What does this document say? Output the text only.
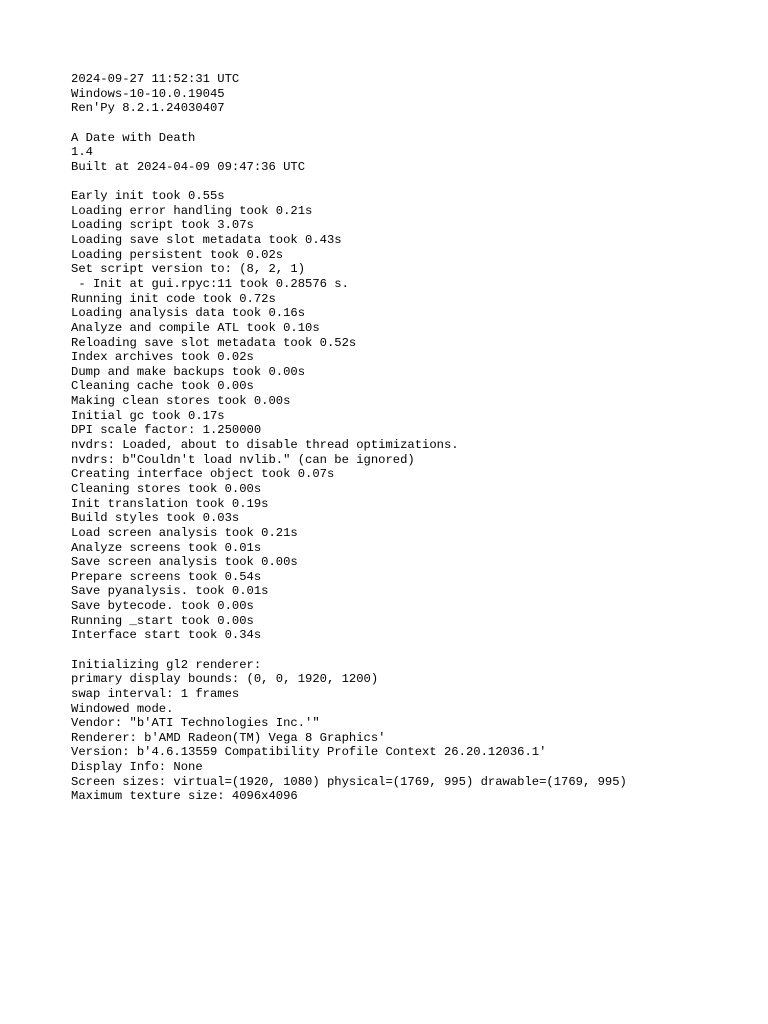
2024-09-27 11:52:31 UTC
Windows-10-10.0.19045
Ren'Py 8.2.1.24030407
A Date with Death
1.4
Built at 2024-04-09 09:47:36 UTC
Early init took 0.55s
Loading error handling took 0.21s
Loading script took 3.07s
Loading save slot metadata took 0.43s
Loading persistent took 0.02s
Set script version to: (8, 2, 1)
- Init at gui.rpyc:11 took 0.28576 s.
Running init code took 0.72s
Loading analysis data took 0.16s
Analyze and compile ATL took 0.10s
Reloading save slot metadata took 0.52s
Index archives took 0.02s
Dump and make backups took 0.00s
Cleaning cache took 0.00s
Making clean stores took 0.00s
Initial gc took 0.17s
DPI scale factor: 1.250000
nvdrs: Loaded, about to disable thread optimizations.
nvdrs: b"Couldn't load nvlib." (can be ignored)
Creating interface object took 0.07s
Cleaning stores took 0.00s
Init translation took 0.19s
Build styles took 0.03s
Load screen analysis took 0.21s
Analyze screens took 0.01s
Save screen analysis took 0.00s
Prepare screens took 0.54s
Save pyanalysis. took 0.01s
Save bytecode. took 0.00s
Running _start took 0.00s
Interface start took 0.34s
Initializing gl2 renderer:
primary display bounds: (0, 0, 1920, 1200)
swap interval: 1 frames
Windowed mode.
Vendor: "b'ATI Technologies Inc.'"
Renderer: b'AMD Radeon(TM) Vega 8 Graphics'
Version: b'4.6.13559 Compatibility Profile Context 26.20.12036.1'
Display Info: None
Screen sizes: virtual=(1920, 1080) physical=(1769, 995) drawable=(1769, 995)
Maximum texture size: 4096x4096
